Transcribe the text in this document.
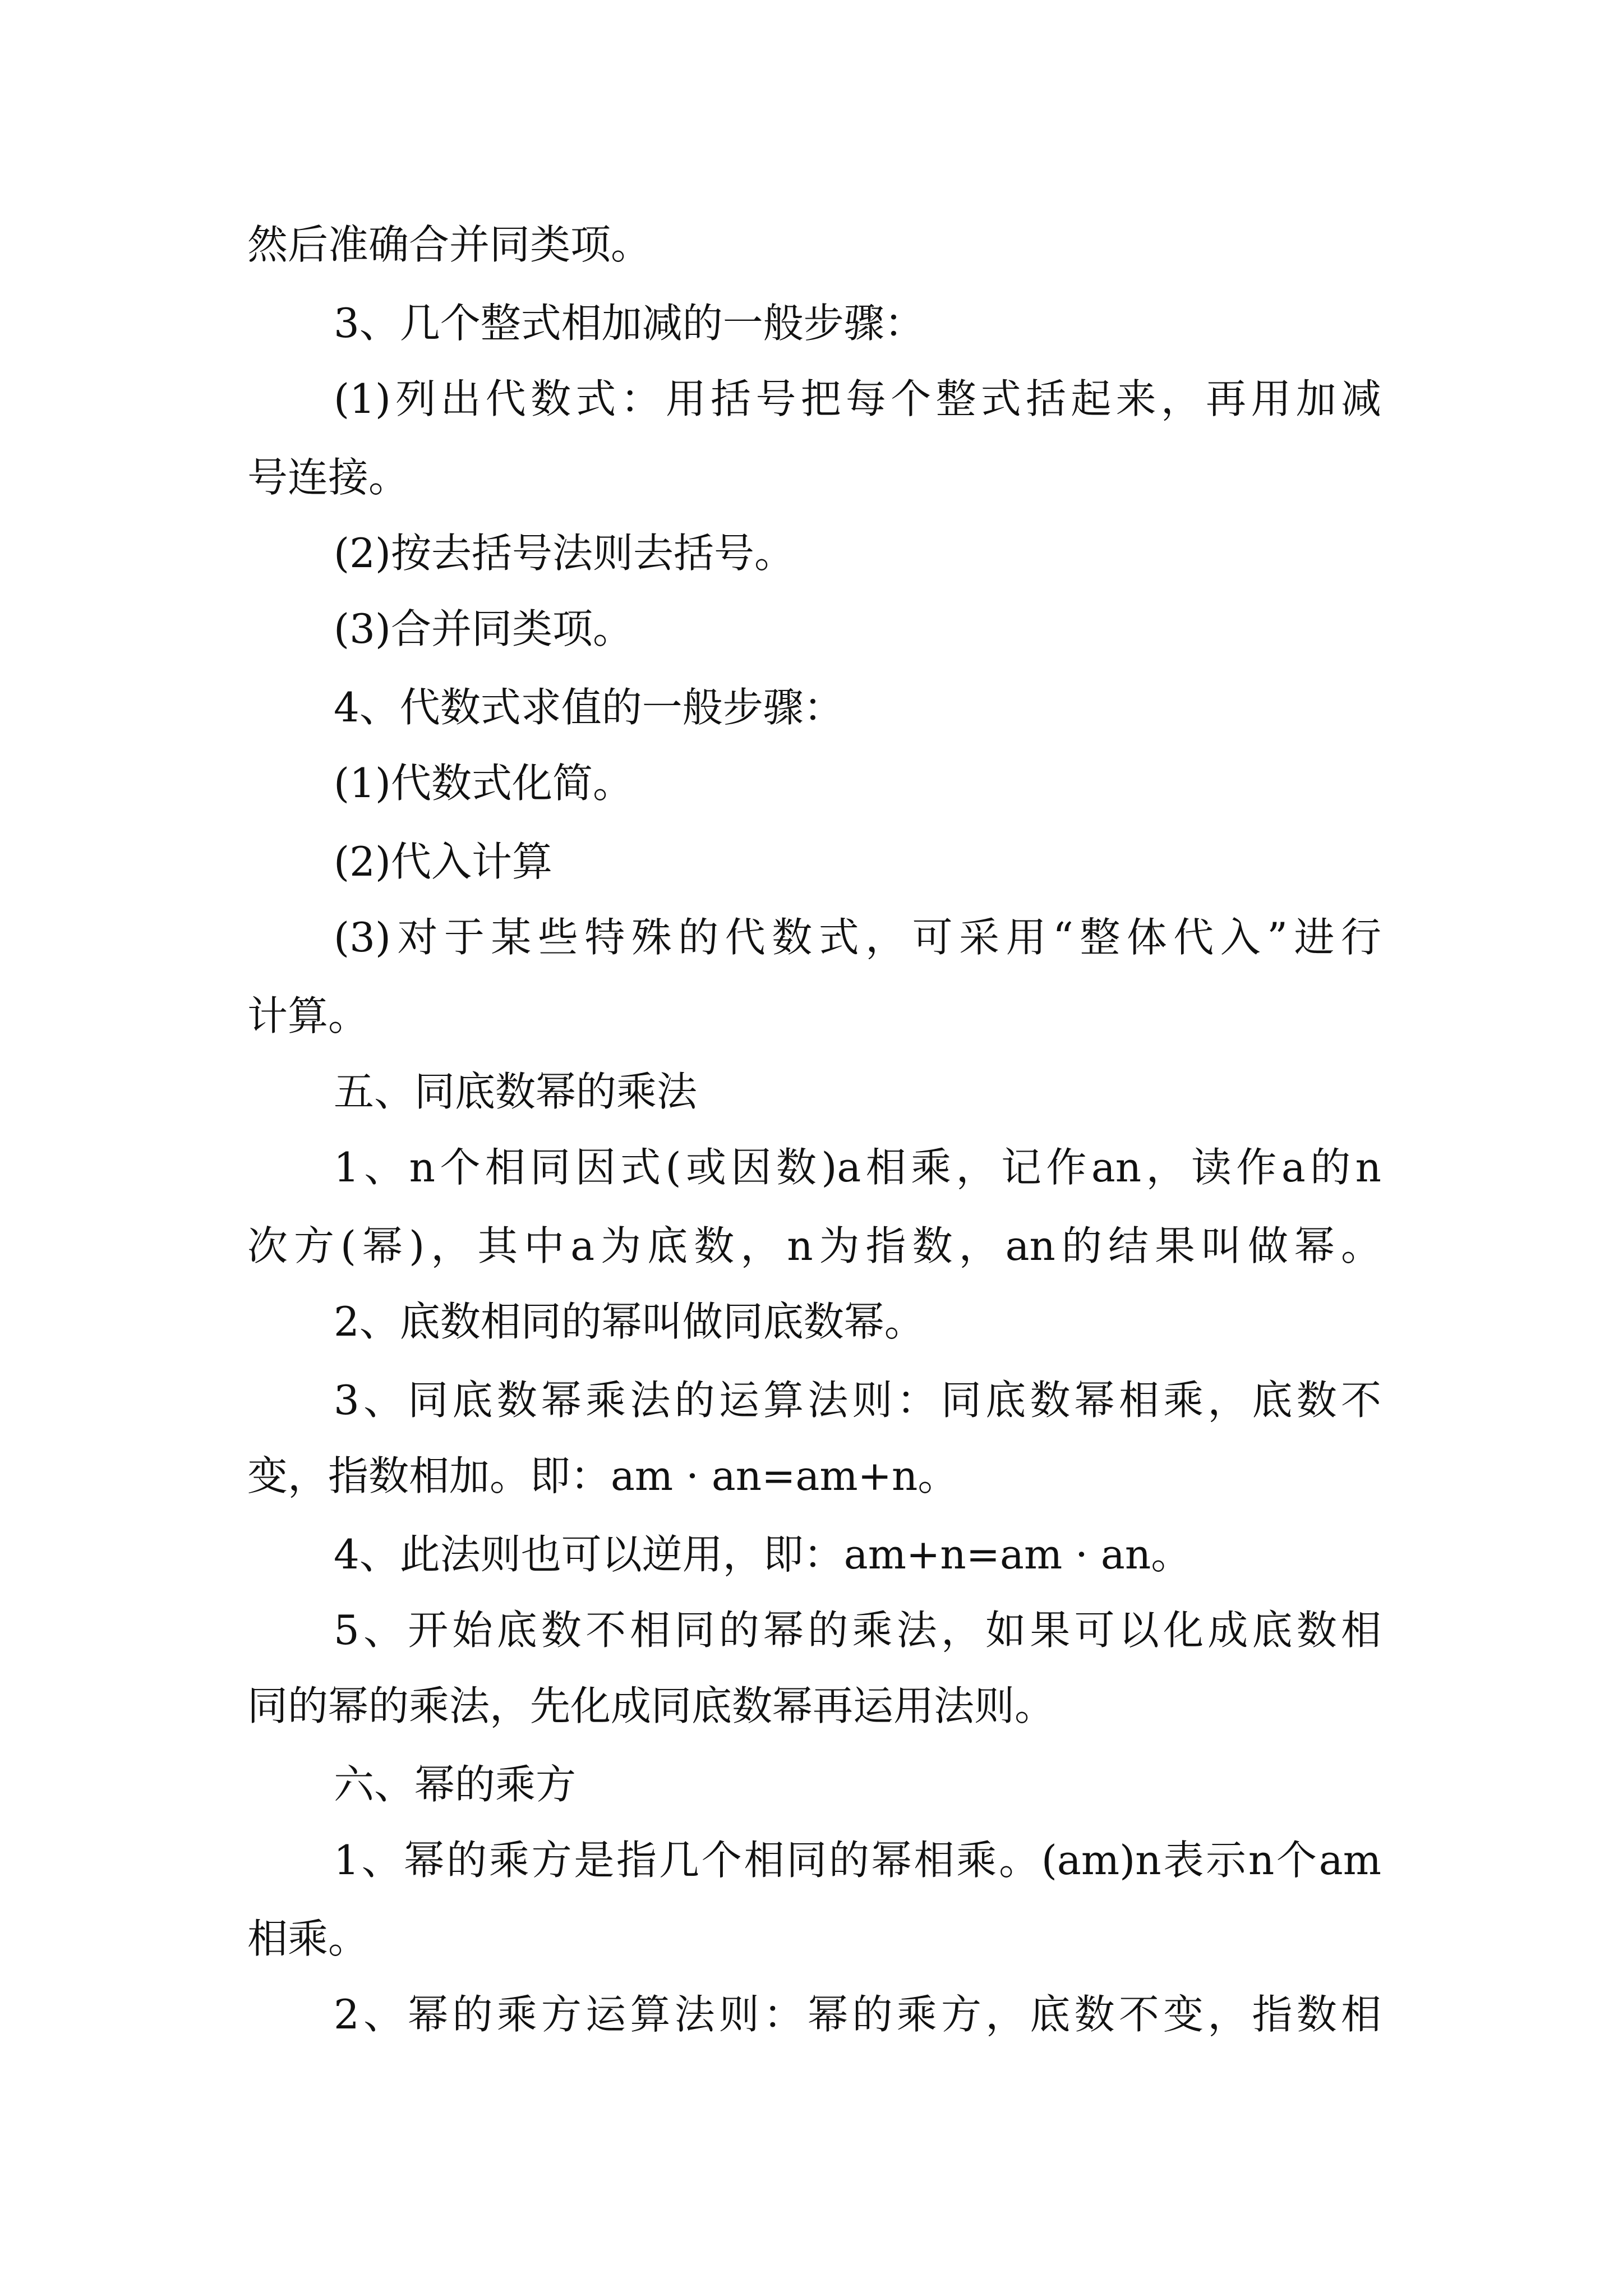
然后准确合并同类项。
3、几个整式相加减的一般步骤：
(1)列出代数式：用括号把每个整式括起来，再用加减
号连接。
(2)按去括号法则去括号。
(3)合并同类项。
4、代数式求值的一般步骤：
(1)代数式化简。
(2)代入计算
(3)对于某些特殊的代数式，可采用“整体代入”进行
计算。
五、同底数幂的乘法
1、n个相同因式(或因数)a相乘，记作an，读作a的n
次方(幂)，其中a为底数，n为指数，an的结果叫做幂。
2、底数相同的幂叫做同底数幂。
3、同底数幂乘法的运算法则：同底数幂相乘，底数不
变，指数相加。即：am · an=am+n。
4、此法则也可以逆用，即：am+n=am · an。
5、开始底数不相同的幂的乘法，如果可以化成底数相
同的幂的乘法，先化成同底数幂再运用法则。
六、幂的乘方
1、幂的乘方是指几个相同的幂相乘。(am)n表示n个am
相乘。
2、幂的乘方运算法则：幂的乘方，底数不变，指数相
